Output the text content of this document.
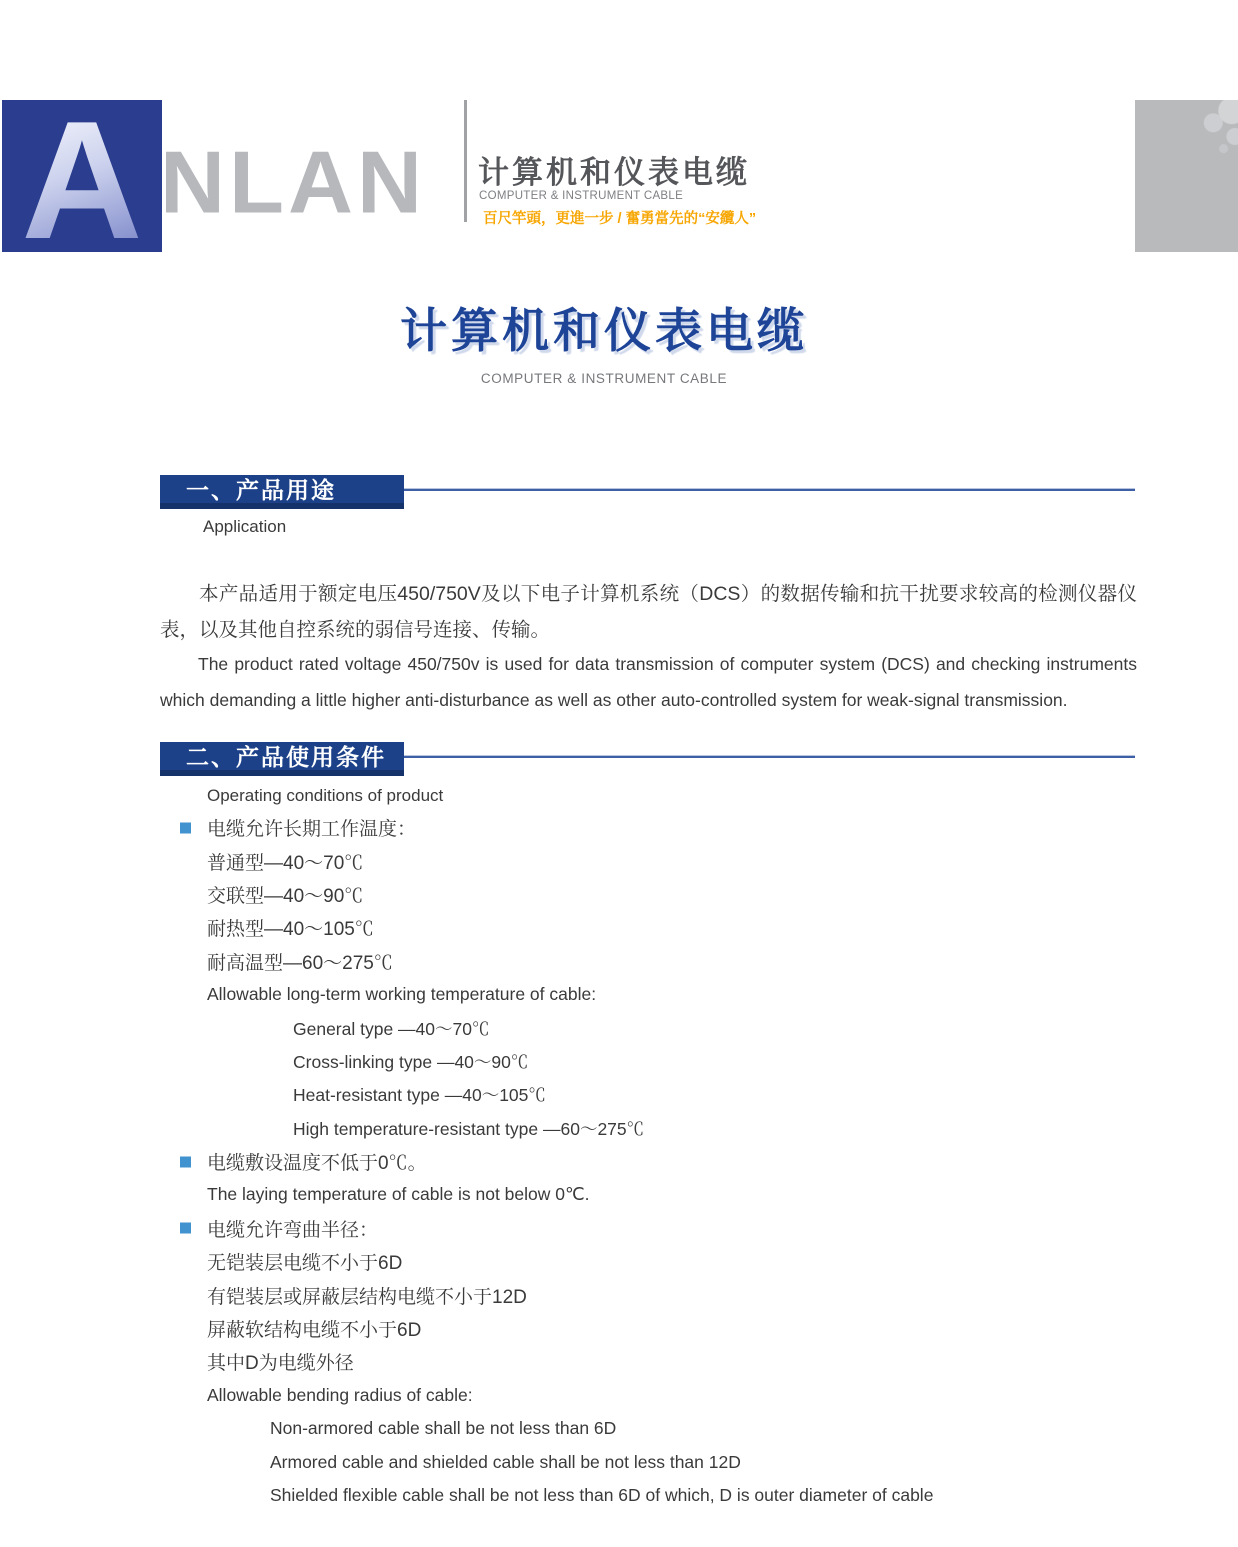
A NLAN 计算机和仪表电缆
COMPUTER & INSTRUMENT CABLE
百尺竿頭，更進一步 / 奮勇當先的“安纜人”
计算机和仪表电缆
COMPUTER & INSTRUMENT CABLE
一、产品用途
Application

本产品适用于额定电压450/750V及以下电子计算机系统（DCS）的数据传输和抗干扰要求较高的检测仪器仪表，以及其他自控系统的弱信号连接、传输。

The product rated voltage 450/750v is used for data transmission of computer system (DCS) and checking instruments which demanding a little higher anti-disturbance as well as other auto-controlled system for weak-signal transmission.

二、产品使用条件
Operating conditions of product
电缆允许长期工作温度：
普通型—40～70℃
交联型—40～90℃
耐热型—40～105℃
耐高温型—60～275℃
Allowable long-term working temperature of cable:
General type —40～70℃
Cross-linking type —40～90℃
Heat-resistant type —40～105℃
High temperature-resistant type —60～275℃
电缆敷设温度不低于0℃。
The laying temperature of cable is not below 0℃.
电缆允许弯曲半径：
无铠装层电缆不小于6D
有铠装层或屏蔽层结构电缆不小于12D
屏蔽软结构电缆不小于6D
其中D为电缆外径
Allowable bending radius of cable:
Non-armored cable shall be not less than 6D
Armored cable and shielded cable shall be not less than 12D
Shielded flexible cable shall be not less than 6D of which, D is outer diameter of cable
